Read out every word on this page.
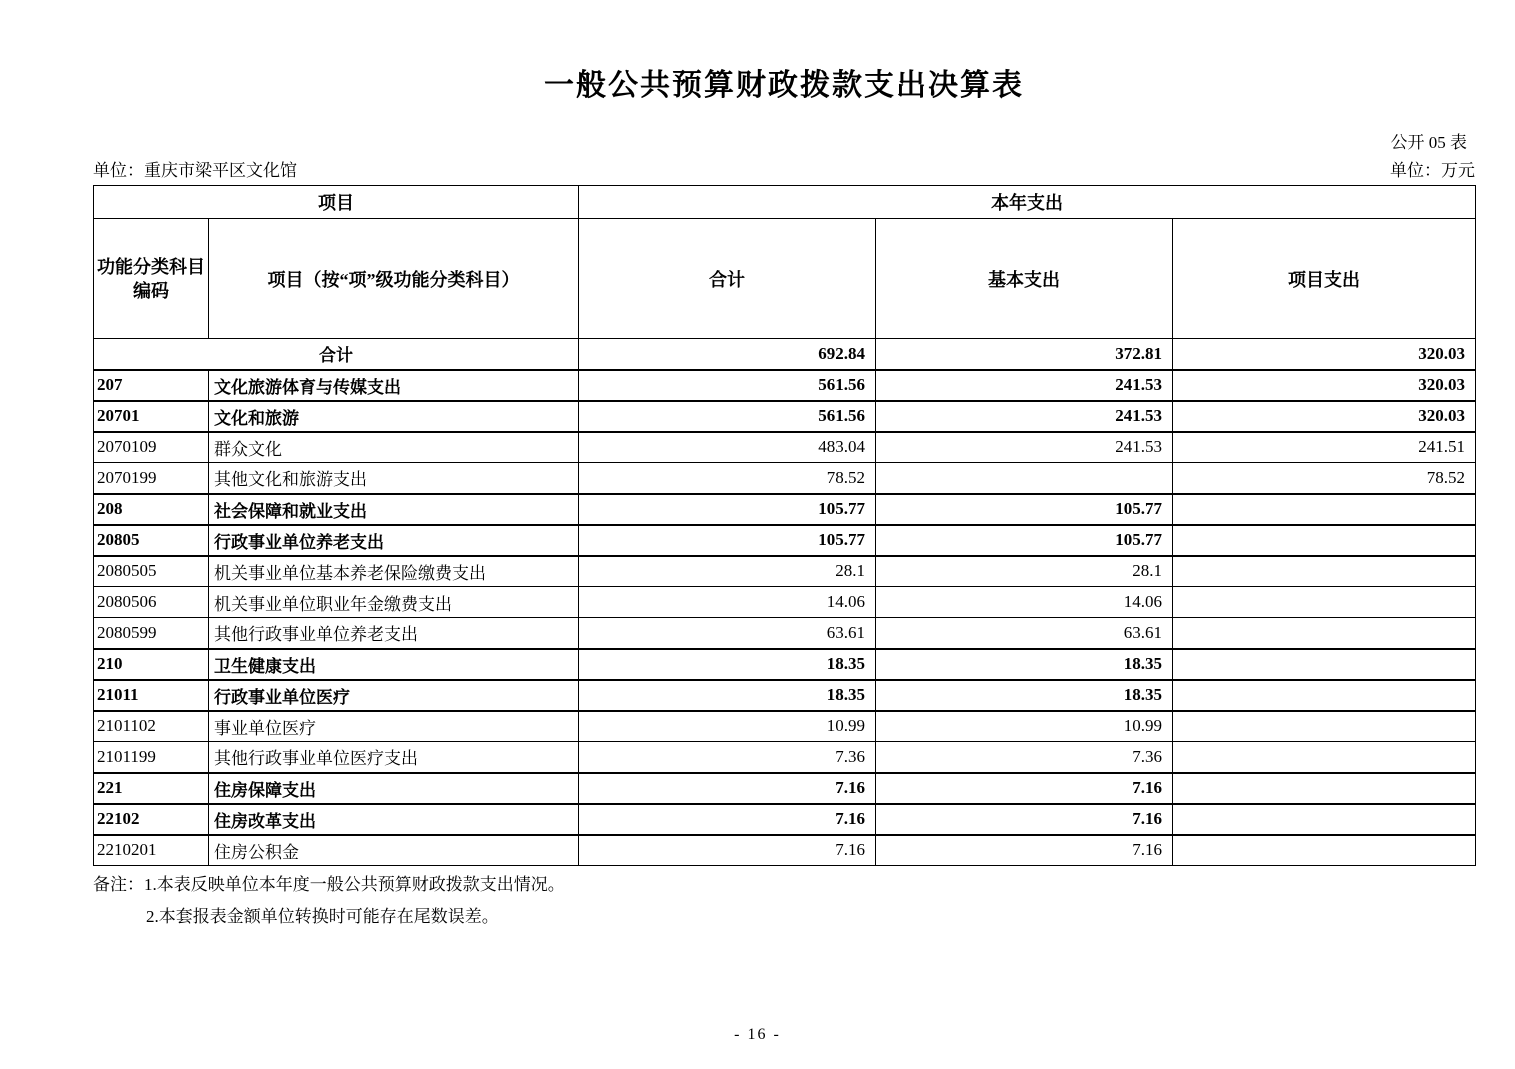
一般公共预算财政拨款支出决算表
公开 05 表
单位：重庆市梁平区文化馆	单位：万元
项目		本年支出		

功能分类科目
编码	项目（按“项”级功能分类科目）	合计	基本支出	项目支出
合计		692.84	372.81	320.03
207	文化旅游体育与传媒支出	561.56	241.53	320.03
20701	文化和旅游	561.56	241.53	320.03
2070109	群众文化	483.04	241.53	241.51
2070199	其他文化和旅游支出	78.52		78.52
208	社会保障和就业支出	105.77	105.77	
20805	行政事业单位养老支出	105.77	105.77	
2080505	机关事业单位基本养老保险缴费支出	28.1	28.1	
2080506	机关事业单位职业年金缴费支出	14.06	14.06	
2080599	其他行政事业单位养老支出	63.61	63.61	
210	卫生健康支出	18.35	18.35	
21011	行政事业单位医疗	18.35	18.35	
2101102	事业单位医疗	10.99	10.99	
2101199	其他行政事业单位医疗支出	7.36	7.36	
221	住房保障支出	7.16	7.16	
22102	住房改革支出	7.16	7.16	
2210201	住房公积金	7.16	7.16	
备注：1.本表反映单位本年度一般公共预算财政拨款支出情况。
2.本套报表金额单位转换时可能存在尾数误差。
- 16 -
